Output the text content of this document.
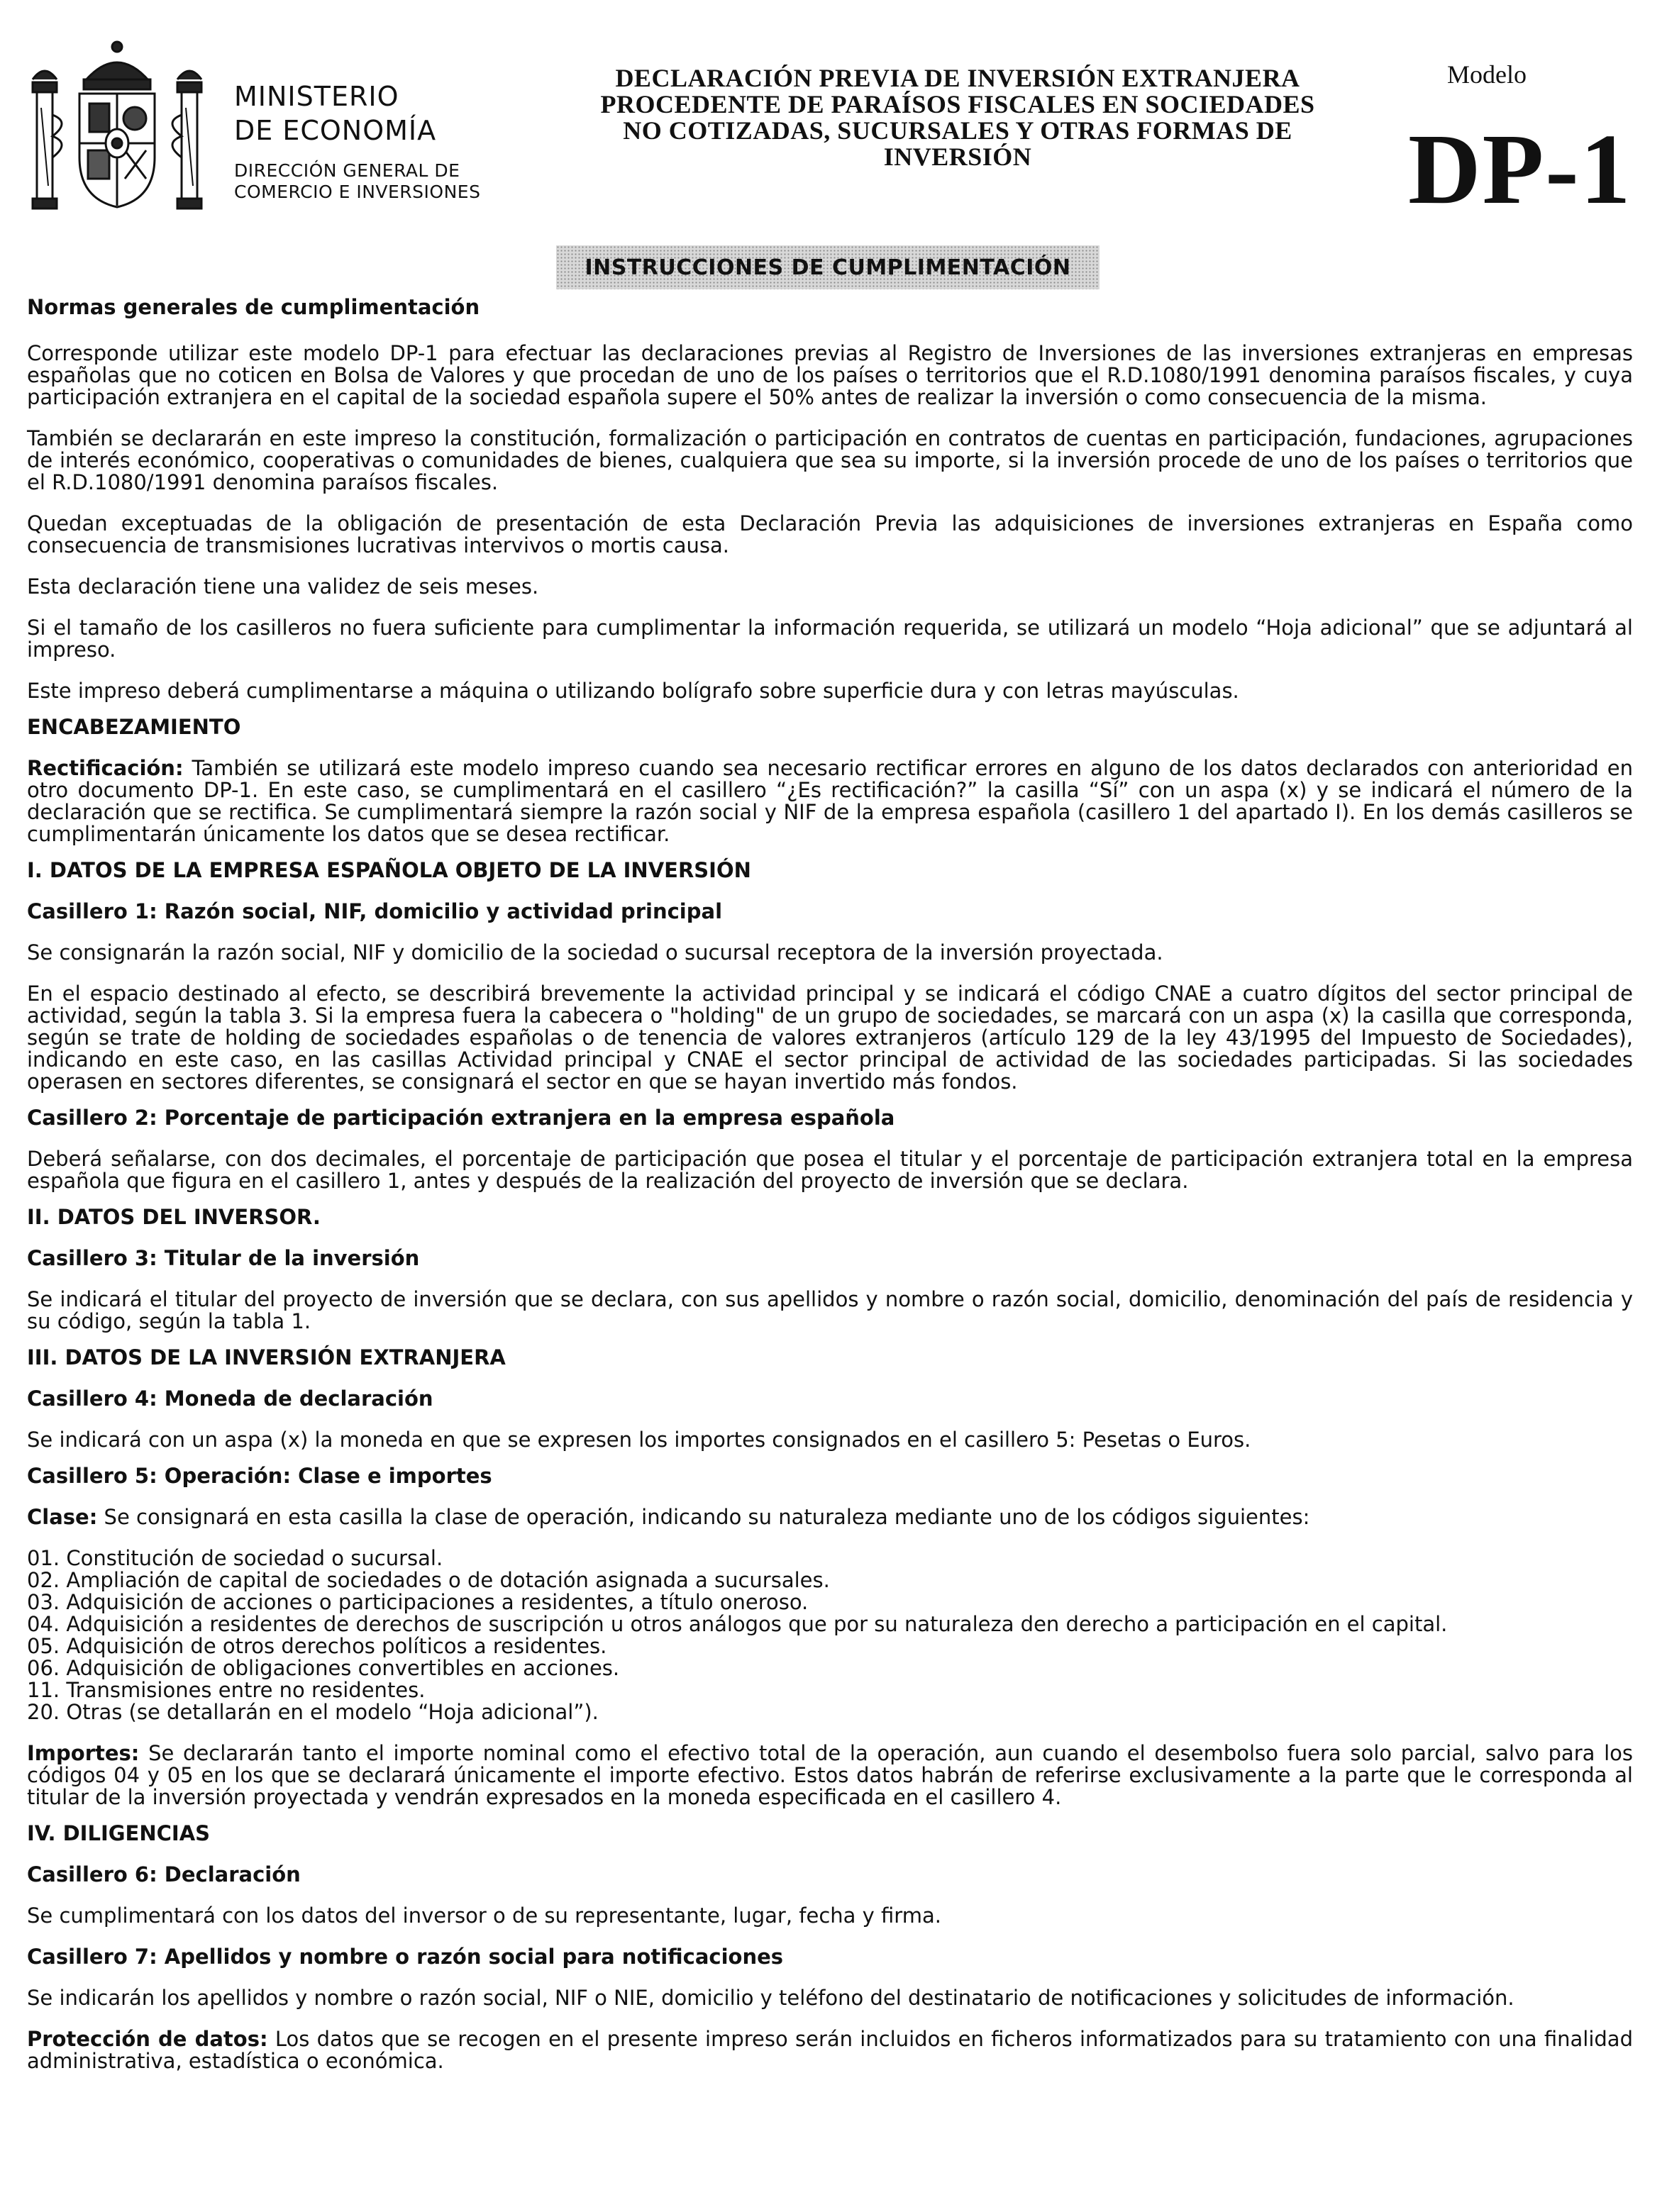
MINISTERIO
DE ECONOMÍA
DIRECCIÓN GENERAL DE
COMERCIO E INVERSIONES
DECLARACIÓN PREVIA DE INVERSIÓN EXTRANJERA
PROCEDENTE DE PARAÍSOS FISCALES EN SOCIEDADES
NO COTIZADAS, SUCURSALES Y OTRAS FORMAS DE
INVERSIÓN
Modelo
DP-1
INSTRUCCIONES DE CUMPLIMENTACIÓN

Normas generales de cumplimentación

Corresponde utilizar este modelo DP-1 para efectuar las declaraciones previas al Registro de Inversiones de las inversiones extranjeras en empresas españolas que no coticen en Bolsa de Valores y que procedan de uno de los países o territorios que el R.D.1080/1991 denomina paraísos fiscales, y cuya participación extranjera en el capital de la sociedad española supere el 50% antes de realizar la inversión o como consecuencia de la misma.

También se declararán en este impreso la constitución, formalización o participación en contratos de cuentas en participación, fundaciones, agrupaciones de interés económico, cooperativas o comunidades de bienes, cualquiera que sea su importe, si la inversión procede de uno de los países o territorios que el R.D.1080/1991 denomina paraísos fiscales.

Quedan exceptuadas de la obligación de presentación de esta Declaración Previa las adquisiciones de inversiones extranjeras en España como consecuencia de transmisiones lucrativas intervivos o mortis causa.

Esta declaración tiene una validez de seis meses.

Si el tamaño de los casilleros no fuera suficiente para cumplimentar la información requerida, se utilizará un modelo “Hoja adicional” que se adjuntará al impreso.

Este impreso deberá cumplimentarse a máquina o utilizando bolígrafo sobre superficie dura y con letras mayúsculas.

ENCABEZAMIENTO

Rectificación: También se utilizará este modelo impreso cuando sea necesario rectificar errores en alguno de los datos declarados con anterioridad en otro documento DP-1. En este caso, se cumplimentará en el casillero “¿Es rectificación?” la casilla “Sí” con un aspa (x) y se indicará el número de la declaración que se rectifica. Se cumplimentará siempre la razón social y NIF de la empresa española (casillero 1 del apartado I). En los demás casilleros se cumplimentarán únicamente los datos que se desea rectificar.

I. DATOS DE LA EMPRESA ESPAÑOLA OBJETO DE LA INVERSIÓN

Casillero 1: Razón social, NIF, domicilio y actividad principal

Se consignarán la razón social, NIF y domicilio de la sociedad o sucursal receptora de la inversión proyectada.

En el espacio destinado al efecto, se describirá brevemente la actividad principal y se indicará el código CNAE a cuatro dígitos del sector principal de actividad, según la tabla 3. Si la empresa fuera la cabecera o "holding" de un grupo de sociedades, se marcará con un aspa (x) la casilla que corresponda, según se trate de holding de sociedades españolas o de tenencia de valores extranjeros (artículo 129 de la ley 43/1995 del Impuesto de Sociedades), indicando en este caso, en las casillas Actividad principal y CNAE el sector principal de actividad de las sociedades participadas. Si las sociedades operasen en sectores diferentes, se consignará el sector en que se hayan invertido más fondos.

Casillero 2: Porcentaje de participación extranjera en la empresa española

Deberá señalarse, con dos decimales, el porcentaje de participación que posea el titular y el porcentaje de participación extranjera total en la empresa española que figura en el casillero 1, antes y después de la realización del proyecto de inversión que se declara.

II. DATOS DEL INVERSOR.

Casillero 3: Titular de la inversión

Se indicará el titular del proyecto de inversión que se declara, con sus apellidos y nombre o razón social, domicilio, denominación del país de residencia y su código, según la tabla 1.

III. DATOS DE LA INVERSIÓN EXTRANJERA

Casillero 4: Moneda de declaración

Se indicará con un aspa (x) la moneda en que se expresen los importes consignados en el casillero 5: Pesetas o Euros.

Casillero 5: Operación: Clase e importes

Clase: Se consignará en esta casilla la clase de operación, indicando su naturaleza mediante uno de los códigos siguientes:

01. Constitución de sociedad o sucursal.

02. Ampliación de capital de sociedades o de dotación asignada a sucursales.

03. Adquisición de acciones o participaciones a residentes, a título oneroso.

04. Adquisición a residentes de derechos de suscripción u otros análogos que por su naturaleza den derecho a participación en el capital.

05. Adquisición de otros derechos políticos a residentes.

06. Adquisición de obligaciones convertibles en acciones.

11. Transmisiones entre no residentes.

20. Otras (se detallarán en el modelo “Hoja adicional”).

Importes: Se declararán tanto el importe nominal como el efectivo total de la operación, aun cuando el desembolso fuera solo parcial, salvo para los códigos 04 y 05 en los que se declarará únicamente el importe efectivo. Estos datos habrán de referirse exclusivamente a la parte que le corresponda al titular de la inversión proyectada y vendrán expresados en la moneda especificada en el casillero 4.

IV. DILIGENCIAS

Casillero 6: Declaración

Se cumplimentará con los datos del inversor o de su representante, lugar, fecha y firma.

Casillero 7: Apellidos y nombre o razón social para notificaciones

Se indicarán los apellidos y nombre o razón social, NIF o NIE, domicilio y teléfono del destinatario de notificaciones y solicitudes de información.

Protección de datos: Los datos que se recogen en el presente impreso serán incluidos en ficheros informatizados para su tratamiento con una finalidad administrativa, estadística o económica.
